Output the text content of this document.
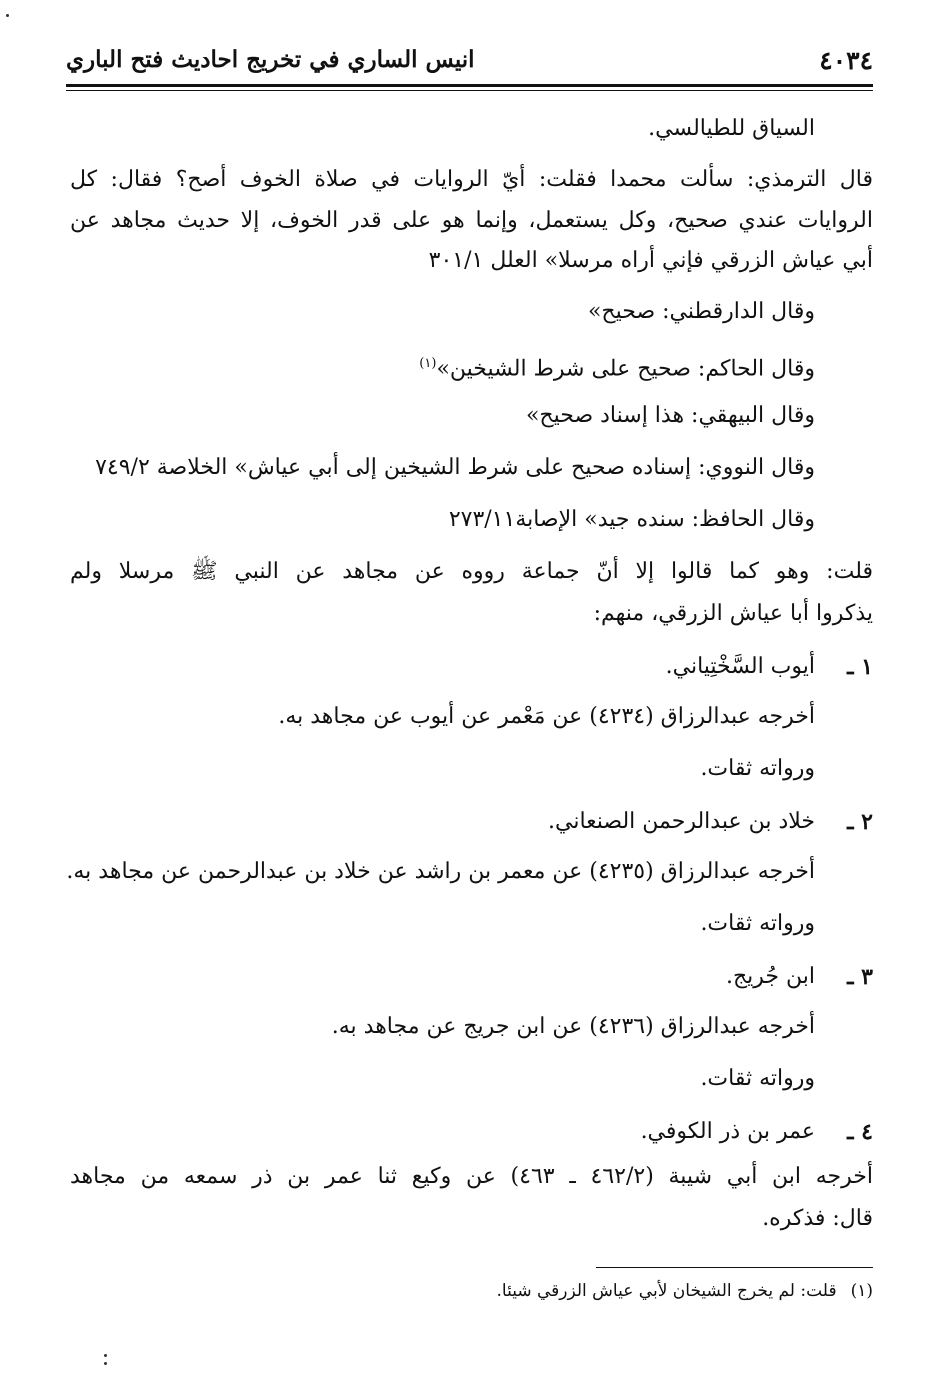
٤٠٣٤
انيس الساري في تخريج احاديث فتح الباري
السياق للطيالسي.
قال الترمذي: سألت محمدا فقلت: أيّ الروايات في صلاة الخوف أصح؟ فقال: كل
الروايات عندي صحيح، وكل يستعمل، وإنما هو على قدر الخوف، إلا حديث مجاهد عن
أبي عياش الزرقي فإني أراه مرسلا» العلل ٣٠١/١
وقال الدارقطني: صحيح»
وقال الحاكم: صحيح على شرط الشيخين»$^{(١)}$
وقال البيهقي: هذا إسناد صحيح»
وقال النووي: إسناده صحيح على شرط الشيخين إلى أبي عياش» الخلاصة ٧٤٩/٢
وقال الحافظ: سنده جيد» الإصابة٢٧٣/١١
قلت: وهو كما قالوا إلا أنّ جماعة رووه عن مجاهد عن النبي ﷺ مرسلا ولم
يذكروا أبا عياش الزرقي، منهم:
١ ـ
أيوب السَّخْتِياني.
أخرجه عبدالرزاق (٤٢٣٤) عن مَعْمر عن أيوب عن مجاهد به.
ورواته ثقات.
٢ ـ
خلاد بن عبدالرحمن الصنعاني.
أخرجه عبدالرزاق (٤٢٣٥) عن معمر بن راشد عن خلاد بن عبدالرحمن عن مجاهد به.
ورواته ثقات.
٣ ـ
ابن جُريج.
أخرجه عبدالرزاق (٤٢٣٦) عن ابن جريج عن مجاهد به.
ورواته ثقات.
٤ ـ
عمر بن ذر الكوفي.
أخرجه ابن أبي شيبة (٤٦٢/٢ ـ ٤٦٣) عن وكيع ثنا عمر بن ذر سمعه من مجاهد
قال: فذكره.
(١)قلت: لم يخرج الشيخان لأبي عياش الزرقي شيئا.
